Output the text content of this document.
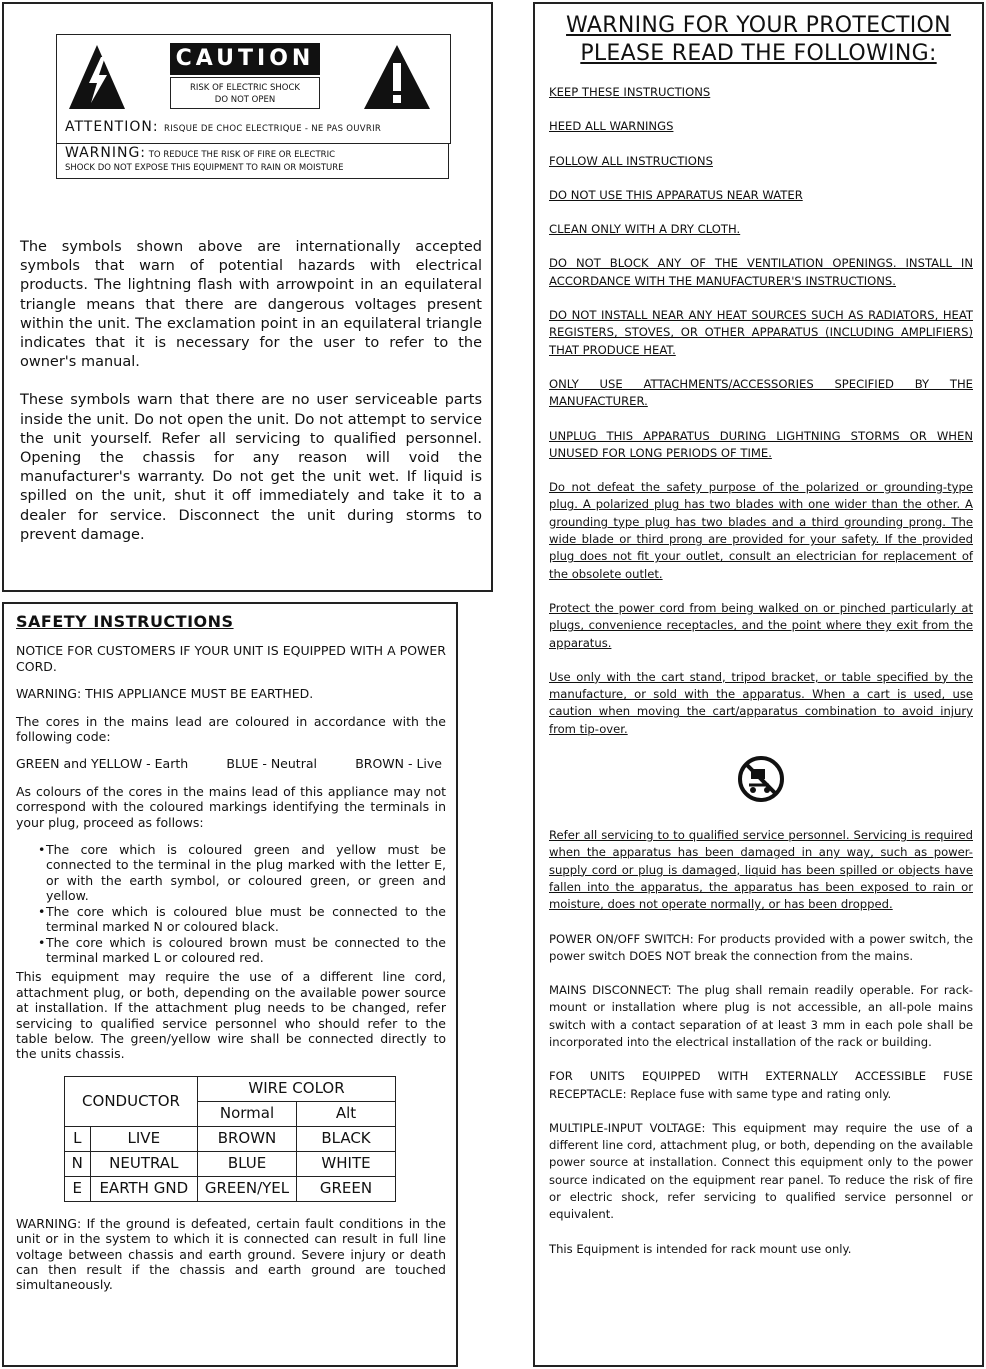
CAUTION
RISK OF ELECTRIC SHOCK
DO NOT OPEN
ATTENTION: RISQUE DE CHOC ELECTRIQUE - NE PAS OUVRIR
WARNING: TO REDUCE THE RISK OF FIRE OR ELECTRIC
SHOCK DO NOT EXPOSE THIS EQUIPMENT TO RAIN OR MOISTURE

The symbols shown above are internationally accepted symbols that warn of potential hazards with electrical products. The lightning flash with arrowpoint in an equilateral triangle means that there are dangerous voltages present within the unit. The exclamation point in an equilateral triangle indicates that it is necessary for the user to refer to the owner's manual.

These symbols warn that there are no user serviceable parts inside the unit. Do not open the unit. Do not attempt to service the unit yourself. Refer all servicing to qualified personnel. Opening the chassis for any reason will void the manufacturer's warranty. Do not get the unit wet. If liquid is spilled on the unit, shut it off immediately and take it to a dealer for service. Disconnect the unit during storms to prevent damage.

SAFETY INSTRUCTIONS

NOTICE FOR CUSTOMERS IF YOUR UNIT IS EQUIPPED WITH A POWER CORD.

WARNING: THIS APPLIANCE MUST BE EARTHED.

The cores in the mains lead are coloured in accordance with the following code:

GREEN and YELLOW - Earth	BLUE - Neutral	BROWN - Live

As colours of the cores in the mains lead of this appliance may not correspond with the coloured markings identifying the terminals in your plug, proceed as follows:

• The core which is coloured green and yellow must be connected to the terminal in the plug marked with the letter E, or with the earth symbol, or coloured green, or green and yellow.
• The core which is coloured blue must be connected to the terminal marked N or coloured black.
• The core which is coloured brown must be connected to the terminal marked L or coloured red.

This equipment may require the use of a different line cord, attachment plug, or both, depending on the available power source at installation. If the attachment plug needs to be changed, refer servicing to qualified service personnel who should refer to the table below. The green/yellow wire shall be connected directly to the units chassis.

CONDUCTOR		WIRE COLOR	
		Normal	Alt
L	LIVE	BROWN	BLACK
N	NEUTRAL	BLUE	WHITE
E	EARTH GND	GREEN/YEL	GREEN

WARNING: If the ground is defeated, certain fault conditions in the unit or in the system to which it is connected can result in full line voltage between chassis and earth ground. Severe injury or death can then result if the chassis and earth ground are touched simultaneously.

WARNING FOR YOUR PROTECTION
PLEASE READ THE FOLLOWING:

KEEP THESE INSTRUCTIONS

HEED ALL WARNINGS

FOLLOW ALL INSTRUCTIONS

DO NOT USE THIS APPARATUS NEAR WATER

CLEAN ONLY WITH A DRY CLOTH.

DO NOT BLOCK ANY OF THE VENTILATION OPENINGS. INSTALL IN ACCORDANCE WITH THE MANUFACTURER'S INSTRUCTIONS.

DO NOT INSTALL NEAR ANY HEAT SOURCES SUCH AS RADIATORS, HEAT REGISTERS, STOVES, OR OTHER APPARATUS (INCLUDING AMPLIFIERS) THAT PRODUCE HEAT.

ONLY USE ATTACHMENTS/ACCESSORIES SPECIFIED BY THE MANUFACTURER.

UNPLUG THIS APPARATUS DURING LIGHTNING STORMS OR WHEN UNUSED FOR LONG PERIODS OF TIME.

Do not defeat the safety purpose of the polarized or grounding-type plug. A polarized plug has two blades with one wider than the other. A grounding type plug has two blades and a third grounding prong. The wide blade or third prong are provided for your safety. If the provided plug does not fit your outlet, consult an electrician for replacement of the obsolete outlet.

Protect the power cord from being walked on or pinched particularly at plugs, convenience receptacles, and the point where they exit from the apparatus.

Use only with the cart stand, tripod bracket, or table specified by the manufacture, or sold with the apparatus. When a cart is used, use caution when moving the cart/apparatus combination to avoid injury from tip-over.

Refer all servicing to to qualified service personnel. Servicing is required when the apparatus has been damaged in any way, such as power-supply cord or plug is damaged, liquid has been spilled or objects have fallen into the apparatus, the apparatus has been exposed to rain or moisture, does not operate normally, or has been dropped.

POWER ON/OFF SWITCH: For products provided with a power switch, the power switch DOES NOT break the connection from the mains.

MAINS DISCONNECT: The plug shall remain readily operable. For rack-mount or installation where plug is not accessible, an all-pole mains switch with a contact separation of at least 3 mm in each pole shall be incorporated into the electrical installation of the rack or building.

FOR UNITS EQUIPPED WITH EXTERNALLY ACCESSIBLE FUSE RECEPTACLE: Replace fuse with same type and rating only.

MULTIPLE-INPUT VOLTAGE: This equipment may require the use of a different line cord, attachment plug, or both, depending on the available power source at installation. Connect this equipment only to the power source indicated on the equipment rear panel. To reduce the risk of fire or electric shock, refer servicing to qualified service personnel or equivalent.

This Equipment is intended for rack mount use only.
